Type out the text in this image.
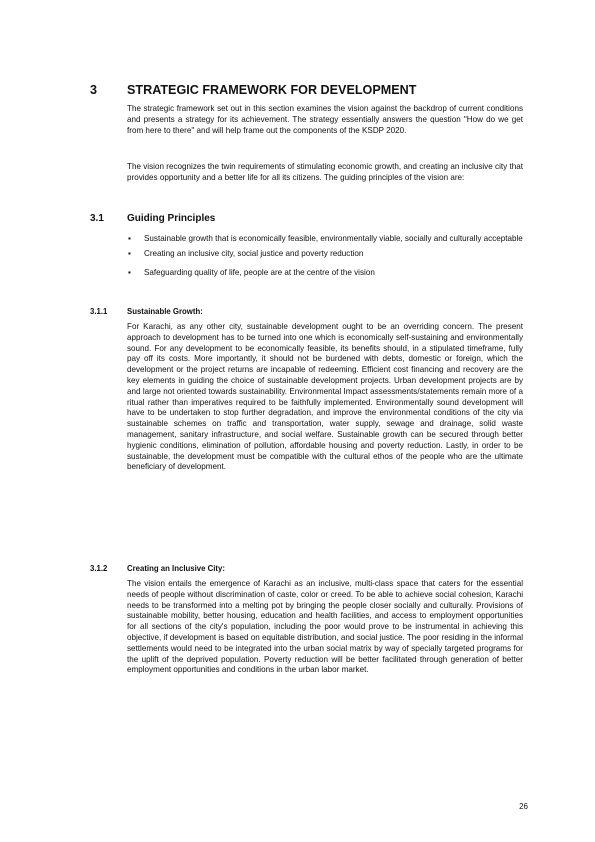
3 STRATEGIC FRAMEWORK FOR DEVELOPMENT
The strategic framework set out in this section examines the vision against the backdrop of current conditions and presents a strategy for its achievement. The strategy essentially answers the question "How do we get from here to there" and will help frame out the components of the KSDP 2020.
The vision recognizes the twin requirements of stimulating economic growth, and creating an inclusive city that provides opportunity and a better life for all its citizens. The guiding principles of the vision are:
3.1 Guiding Principles
▪ Sustainable growth that is economically feasible, environmentally viable, socially and culturally acceptable
▪ Creating an inclusive city, social justice and poverty reduction
▪ Safeguarding quality of life, people are at the centre of the vision
3.1.1	Sustainable Growth:
For Karachi, as any other city, sustainable development ought to be an overriding concern. The present approach to development has to be turned into one which is economically self-sustaining and environmentally sound. For any development to be economically feasible, its benefits should, in a stipulated timeframe, fully pay off its costs. More importantly, it should not be burdened with debts, domestic or foreign, which the development or the project returns are incapable of redeeming. Efficient cost financing and recovery are the key elements in guiding the choice of sustainable development projects. Urban development projects are by and large not oriented towards sustainability. Environmental Impact assessments/statements remain more of a ritual rather than imperatives required to be faithfully implemented. Environmentally sound development will have to be undertaken to stop further degradation, and improve the environmental conditions of the city via sustainable schemes on traffic and transportation, water supply, sewage and drainage, solid waste management, sanitary infrastructure, and social welfare. Sustainable growth can be secured through better hygienic conditions, elimination of pollution, affordable housing and poverty reduction. Lastly, in order to be sustainable, the development must be compatible with the cultural ethos of the people who are the ultimate beneficiary of development.
3.1.2	Creating an Inclusive City:
The vision entails the emergence of Karachi as an inclusive, multi-class space that caters for the essential needs of people without discrimination of caste, color or creed. To be able to achieve social cohesion, Karachi needs to be transformed into a melting pot by bringing the people closer socially and culturally. Provisions of sustainable mobility, better housing, education and health facilities, and access to employment opportunities for all sections of the city's population, including the poor would prove to be instrumental in achieving this objective, if development is based on equitable distribution, and social justice. The poor residing in the informal settlements would need to be integrated into the urban social matrix by way of specially targeted programs for the uplift of the deprived population. Poverty reduction will be better facilitated through generation of better employment opportunities and conditions in the urban labor market.
26
